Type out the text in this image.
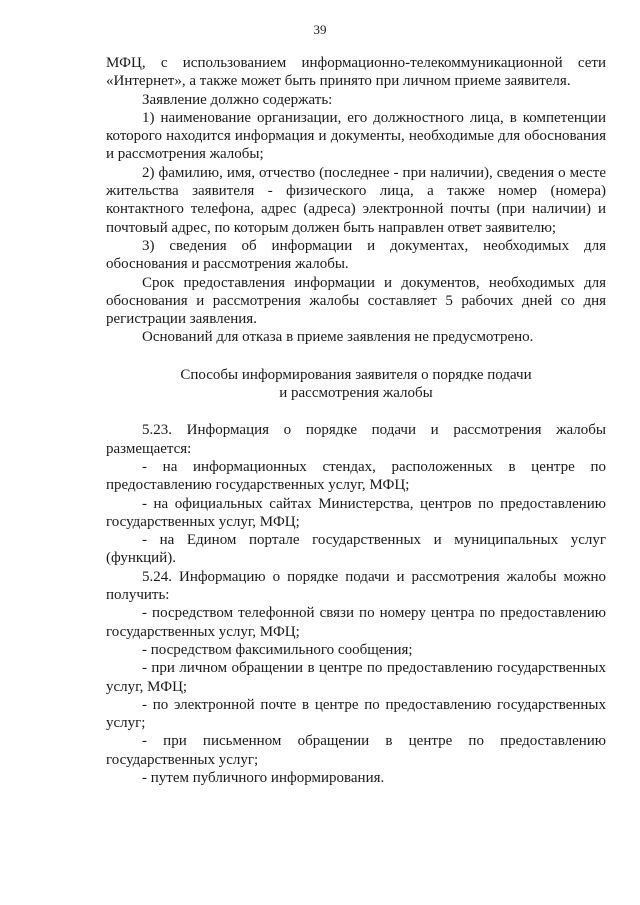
39

МФЦ, с использованием информационно-телекоммуникационной сети «Интернет», а также может быть принято при личном приеме заявителя.

Заявление должно содержать:

1) наименование организации, его должностного лица, в компетенции которого находится информация и документы, необходимые для обоснования и рассмотрения жалобы;

2) фамилию, имя, отчество (последнее - при наличии), сведения о месте жительства заявителя - физического лица, а также номер (номера) контактного телефона, адрес (адреса) электронной почты (при наличии) и почтовый адрес, по которым должен быть направлен ответ заявителю;

3) сведения об информации и документах, необходимых для обоснования и рассмотрения жалобы.

Срок предоставления информации и документов, необходимых для обоснования и рассмотрения жалобы составляет 5 рабочих дней со дня регистрации заявления.

Оснований для отказа в приеме заявления не предусмотрено.

Способы информирования заявителя о порядке подачи
и рассмотрения жалобы

5.23. Информация о порядке подачи и рассмотрения жалобы размещается:

- на информационных стендах, расположенных в центре по предоставлению государственных услуг, МФЦ;

- на официальных сайтах Министерства, центров по предоставлению государственных услуг, МФЦ;

- на Едином портале государственных и муниципальных услуг (функций).

5.24. Информацию о порядке подачи и рассмотрения жалобы можно получить:

- посредством телефонной связи по номеру центра по предоставлению государственных услуг, МФЦ;

- посредством факсимильного сообщения;

- при личном обращении в центре по предоставлению государственных услуг, МФЦ;

- по электронной почте в центре по предоставлению государственных услуг;

- при письменном обращении в центре по предоставлению государственных услуг;

- путем публичного информирования.
